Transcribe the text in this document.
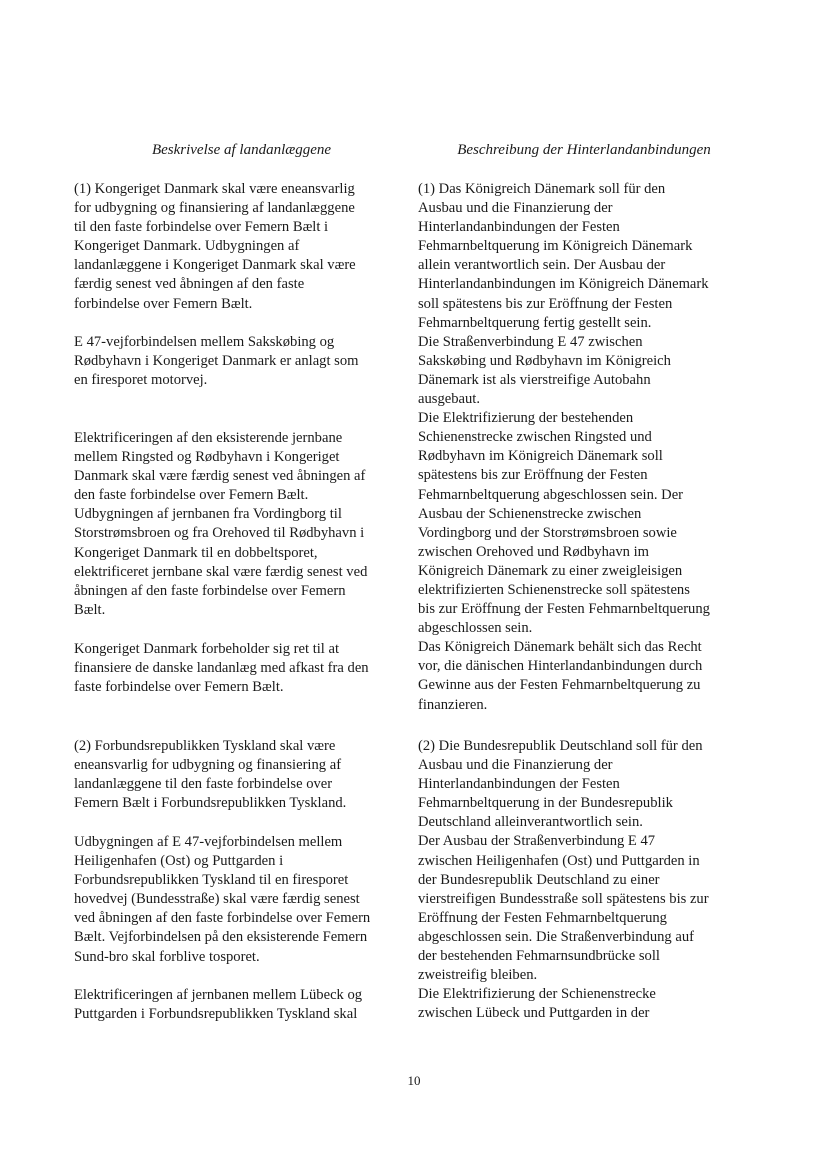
Beskrivelse af landanlæggene

(1) Kongeriget Danmark skal være eneansvarlig
for udbygning og finansiering af landanlæggene
til den faste forbindelse over Femern Bælt i
Kongeriget Danmark. Udbygningen af
landanlæggene i Kongeriget Danmark skal være
færdig senest ved åbningen af den faste
forbindelse over Femern Bælt.

E 47-vejforbindelsen mellem Sakskøbing og
Rødbyhavn i Kongeriget Danmark er anlagt som
en firesporet motorvej.

Elektrificeringen af den eksisterende jernbane
mellem Ringsted og Rødbyhavn i Kongeriget
Danmark skal være færdig senest ved åbningen af
den faste forbindelse over Femern Bælt.
Udbygningen af jernbanen fra Vordingborg til
Storstrømsbroen og fra Orehoved til Rødbyhavn i
Kongeriget Danmark til en dobbeltsporet,
elektrificeret jernbane skal være færdig senest ved
åbningen af den faste forbindelse over Femern
Bælt.

Kongeriget Danmark forbeholder sig ret til at
finansiere de danske landanlæg med afkast fra den
faste forbindelse over Femern Bælt.

(2) Forbundsrepublikken Tyskland skal være
eneansvarlig for udbygning og finansiering af
landanlæggene til den faste forbindelse over
Femern Bælt i Forbundsrepublikken Tyskland.

Udbygningen af E 47-vejforbindelsen mellem
Heiligenhafen (Ost) og Puttgarden i
Forbundsrepublikken Tyskland til en firesporet
hovedvej (Bundesstraße) skal være færdig senest
ved åbningen af den faste forbindelse over Femern
Bælt. Vejforbindelsen på den eksisterende Femern
Sund-bro skal forblive tosporet.

Elektrificeringen af jernbanen mellem Lübeck og
Puttgarden i Forbundsrepublikken Tyskland skal

Beschreibung der Hinterlandanbindungen

(1) Das Königreich Dänemark soll für den
Ausbau und die Finanzierung der
Hinterlandanbindungen der Festen
Fehmarnbeltquerung im Königreich Dänemark
allein verantwortlich sein. Der Ausbau der
Hinterlandanbindungen im Königreich Dänemark
soll spätestens bis zur Eröffnung der Festen
Fehmarnbeltquerung fertig gestellt sein.
Die Straßenverbindung E 47 zwischen
Sakskøbing und Rødbyhavn im Königreich
Dänemark ist als vierstreifige Autobahn
ausgebaut.
Die Elektrifizierung der bestehenden
Schienenstrecke zwischen Ringsted und
Rødbyhavn im Königreich Dänemark soll
spätestens bis zur Eröffnung der Festen
Fehmarnbeltquerung abgeschlossen sein. Der
Ausbau der Schienenstrecke zwischen
Vordingborg und der Storstrømsbroen sowie
zwischen Orehoved und Rødbyhavn im
Königreich Dänemark zu einer zweigleisigen
elektrifizierten Schienenstrecke soll spätestens
bis zur Eröffnung der Festen Fehmarnbeltquerung
abgeschlossen sein.
Das Königreich Dänemark behält sich das Recht
vor, die dänischen Hinterlandanbindungen durch
Gewinne aus der Festen Fehmarnbeltquerung zu
finanzieren.

(2) Die Bundesrepublik Deutschland soll für den
Ausbau und die Finanzierung der
Hinterlandanbindungen der Festen
Fehmarnbeltquerung in der Bundesrepublik
Deutschland alleinverantwortlich sein.
Der Ausbau der Straßenverbindung E 47
zwischen Heiligenhafen (Ost) und Puttgarden in
der Bundesrepublik Deutschland zu einer
vierstreifigen Bundesstraße soll spätestens bis zur
Eröffnung der Festen Fehmarnbeltquerung
abgeschlossen sein. Die Straßenverbindung auf
der bestehenden Fehmarnsundbrücke soll
zweistreifig bleiben.
Die Elektrifizierung der Schienenstrecke
zwischen Lübeck und Puttgarden in der

10
